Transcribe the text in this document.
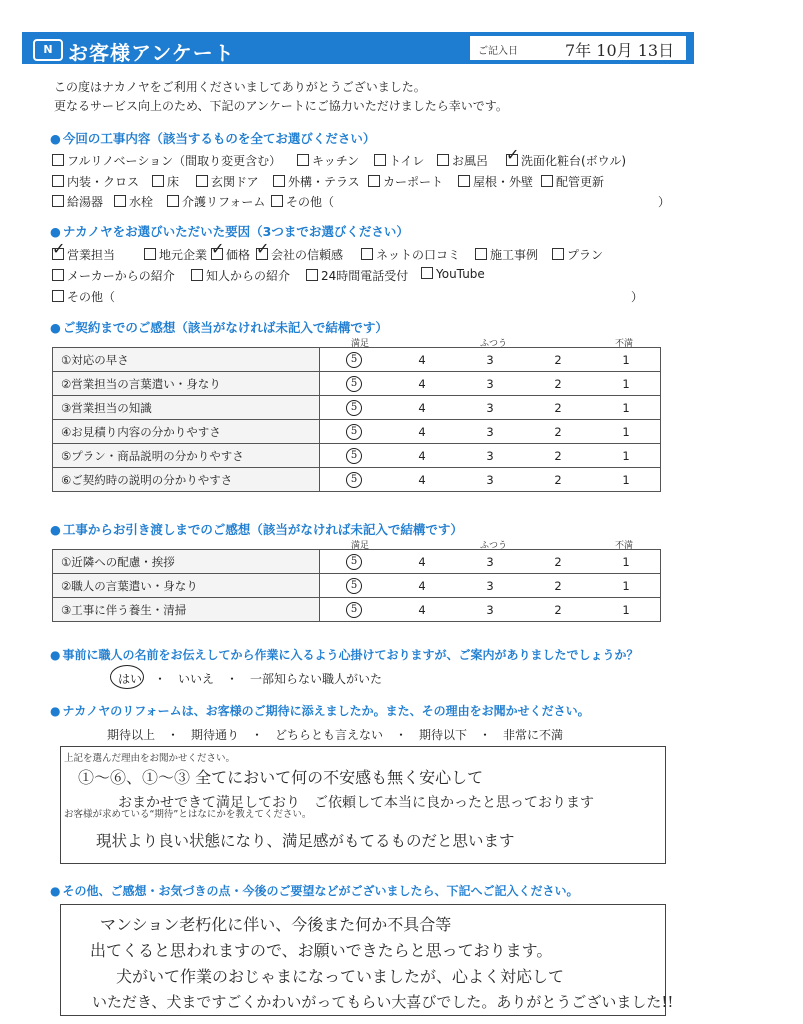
N お客様アンケート	ご記入日	7年 10月 13日
この度はナカノヤをご利用くださいましてありがとうございました。
更なるサービス向上のため、下記のアンケートにご協力いただけましたら幸いです。
● 今回の工事内容（該当するものを全てお選びください）
フルリノベーション（間取り変更含む）	キッチン	トイレ	お風呂 ✓	洗面化粧台(ボウル)
内装・クロス	床	玄関ドア	外構・テラス	カーポート	屋根・外壁	配管更新
給湯器	水栓	介護リフォーム	その他（　　　　　　　　　　　　　　　　　　　　　　　　　　　）
● ナカノヤをお選びいただいた要因（3つまでお選びください）
✓営業担当	地元企業 ✓	価格 ✓	会社の信頼感	ネットの口コミ	施工事例	プラン
メーカーからの紹介	知人からの紹介	24時間電話受付	YouTube
その他（　　　　　　　　　　　　　　　　　　　　　　　　　　　　　　　　　　　　　　　　　　　）
● ご契約までのご感想（該当がなければ未記入で結構です）
満足	ふつう	不満
①対応の早さ	5	4	3	2	1
②営業担当の言葉遣い・身なり	5	4	3	2	1
③営業担当の知識	5	4	3	2	1
④お見積り内容の分かりやすさ	5	4	3	2	1
⑤プラン・商品説明の分かりやすさ	5	4	3	2	1
⑥ご契約時の説明の分かりやすさ	5	4	3	2	1
● 工事からお引き渡しまでのご感想（該当がなければ未記入で結構です）
満足	ふつう	不満
①近隣への配慮・挨拶	5	4	3	2	1
②職人の言葉遣い・身なり	5	4	3	2	1
③工事に伴う養生・清掃	5	4	3	2	1
● 事前に職人の名前をお伝えしてから作業に入るよう心掛けておりますが、ご案内がありましたでしょうか？
はい　・　いいえ　・　一部知らない職人がいた
● ナカノヤのリフォームは、お客様のご期待に添えましたか。また、その理由をお聞かせください。
期待以上　・　期待通り　・　どちらとも言えない　・　期待以下　・　非常に不満
上記を選んだ理由をお聞かせください。
①〜⑥、①〜③ 全てにおいて何の不安感も無く安心して
おまかせできて満足しており　ご依頼して本当に良かったと思っております
お客様が求めている“期待”とはなにかを教えてください。
現状より良い状態になり、満足感がもてるものだと思います
● その他、ご感想・お気づきの点・今後のご要望などがございましたら、下記へご記入ください。
マンション老朽化に伴い、今後また何か不具合等
出てくると思われますので、お願いできたらと思っております。
犬がいて作業のおじゃまになっていましたが、心よく対応して
いただき、犬まですごくかわいがってもらい大喜びでした。ありがとうございました!!
